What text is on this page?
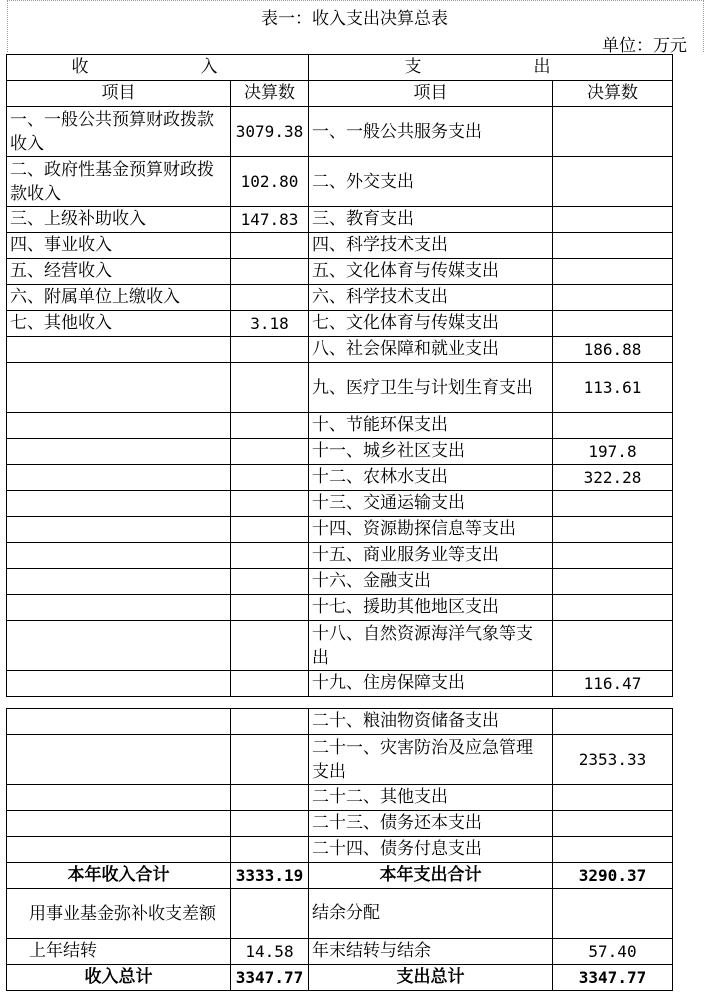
表一：收入支出决算总表
单位：万元
收　　入		支　　出	
项目	决算数	项目	决算数
一、一般公共预算财政拨款收入	3079.38	一、一般公共服务支出	
二、政府性基金预算财政拨款收入	102.80	二、外交支出	
三、上级补助收入	147.83	三、教育支出	
四、事业收入		四、科学技术支出	
五、经营收入		五、文化体育与传媒支出	
六、附属单位上缴收入		六、科学技术支出	
七、其他收入	3.18	七、文化体育与传媒支出	
		八、社会保障和就业支出	186.88
		九、医疗卫生与计划生育支出	113.61
		十、节能环保支出	
		十一、城乡社区支出	197.8
		十二、农林水支出	322.28
		十三、交通运输支出	
		十四、资源勘探信息等支出	
		十五、商业服务业等支出	
		十六、金融支出	
		十七、援助其他地区支出	
		十八、自然资源海洋气象等支出	
		十九、住房保障支出	116.47
		二十、粮油物资储备支出	
		二十一、灾害防治及应急管理支出	2353.33
		二十二、其他支出	
		二十三、债务还本支出	
		二十四、债务付息支出	
本年收入合计	3333.19	本年支出合计	3290.37
用事业基金弥补收支差额		结余分配	
上年结转	14.58	年末结转与结余	57.40
收入总计	3347.77	支出总计	3347.77
